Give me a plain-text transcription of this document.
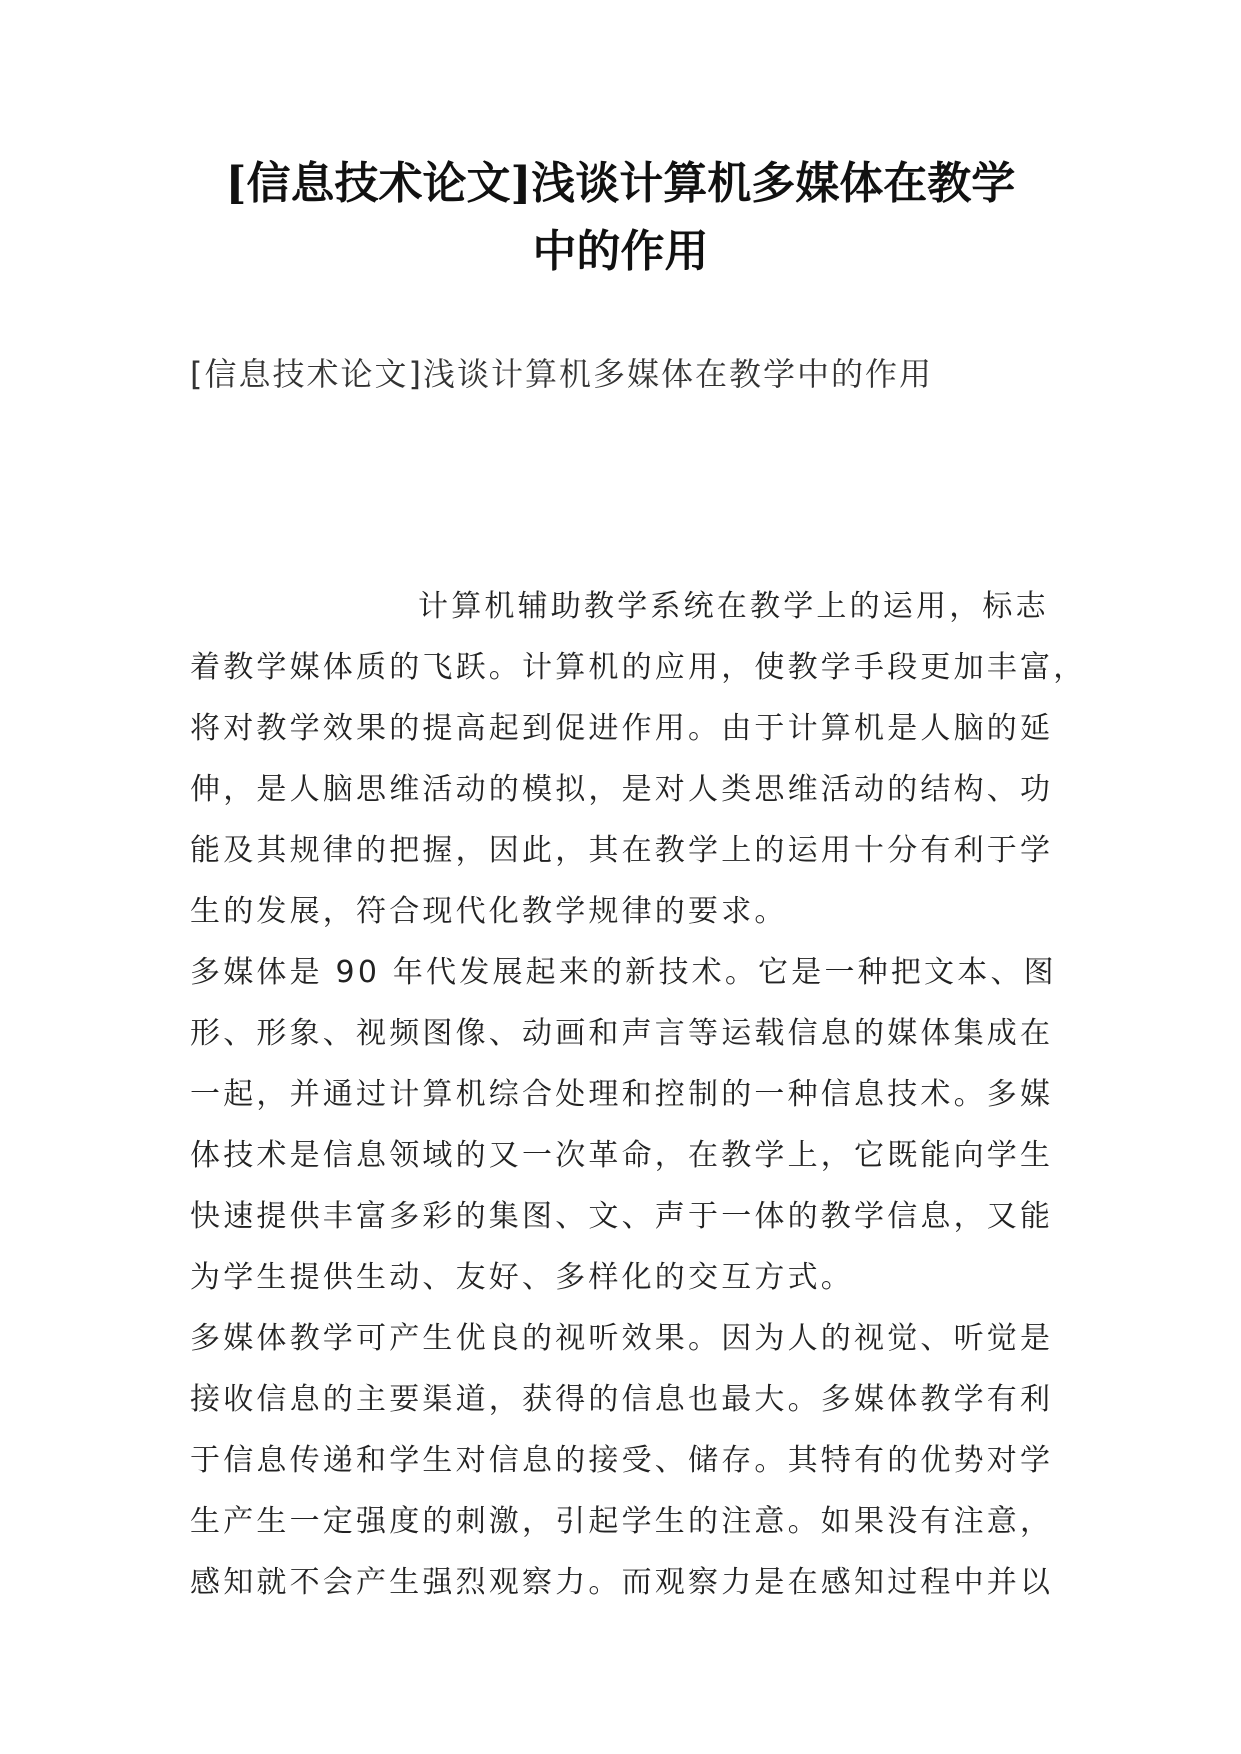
[信息技术论文]浅谈计算机多媒体在教学
中的作用

[信息技术论文]浅谈计算机多媒体在教学中的作用

计算机辅助教学系统在教学上的运用，标志
着教学媒体质的飞跃。计算机的应用，使教学手段更加丰富，
将对教学效果的提高起到促进作用。由于计算机是人脑的延
伸，是人脑思维活动的模拟，是对人类思维活动的结构、功
能及其规律的把握，因此，其在教学上的运用十分有利于学
生的发展，符合现代化教学规律的要求。
多媒体是 90 年代发展起来的新技术。它是一种把文本、图
形、形象、视频图像、动画和声言等运载信息的媒体集成在
一起，并通过计算机综合处理和控制的一种信息技术。多媒
体技术是信息领域的又一次革命，在教学上，它既能向学生
快速提供丰富多彩的集图、文、声于一体的教学信息，又能
为学生提供生动、友好、多样化的交互方式。
多媒体教学可产生优良的视听效果。因为人的视觉、听觉是
接收信息的主要渠道，获得的信息也最大。多媒体教学有利
于信息传递和学生对信息的接受、储存。其特有的优势对学
生产生一定强度的刺激，引起学生的注意。如果没有注意，
感知就不会产生强烈观察力。而观察力是在感知过程中并以
